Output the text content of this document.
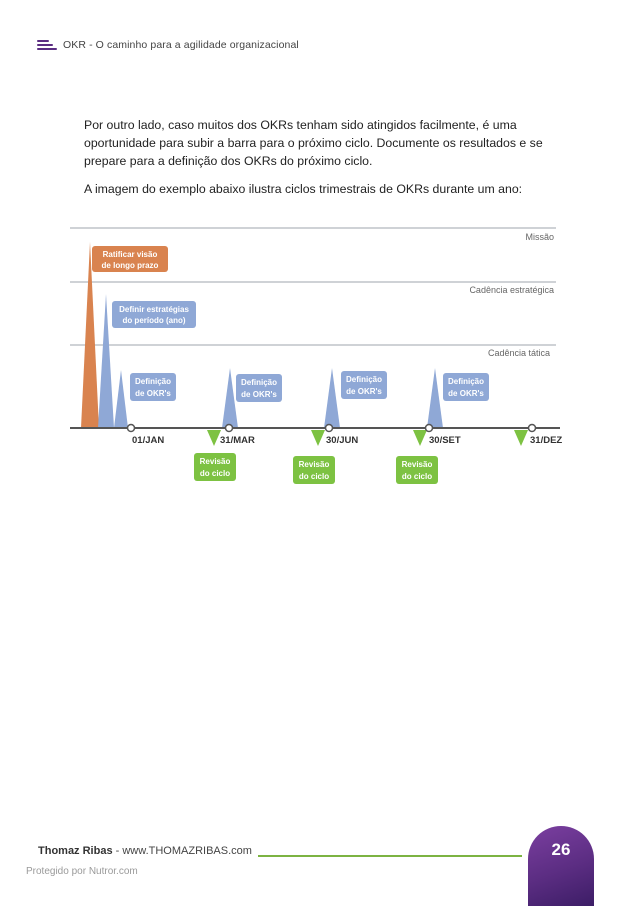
OKR - O caminho para a agilidade organizacional

Por outro lado, caso muitos dos OKRs tenham sido atingidos facilmente, é uma oportunidade para subir a barra para o próximo ciclo. Documente os resultados e se prepare para a definição dos OKRs do próximo ciclo.

A imagem do exemplo abaixo ilustra ciclos trimestrais de OKRs durante um ano:

Missão
Cadência estratégica
Cadência tática
01/JAN	31/MAR	30/JUN	30/SET	31/DEZ
Ratificar visão
de longo prazo
Definir estratégias
do período (ano)
Definição
de OKR's
Definição
de OKR's
Definição
de OKR's
Definição
de OKR's
Revisão
do ciclo
Revisão
do ciclo
Revisão
do ciclo
Thomaz Ribas - www.THOMAZRIBAS.com
Protegido por Nutror.com
26
